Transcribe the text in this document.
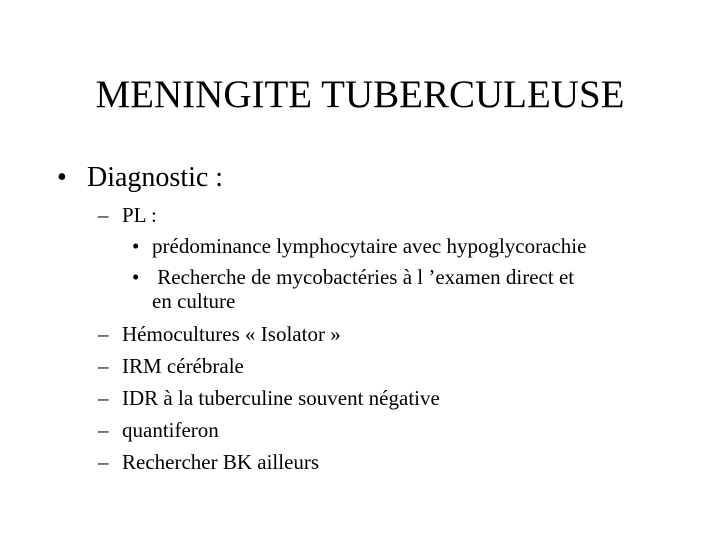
MENINGITE TUBERCULEUSE
• Diagnostic :
– PL :
• prédominance lymphocytaire avec hypoglycorachie
• Recherche de mycobactéries à l ’examen direct et
en culture
– Hémocultures « Isolator »
– IRM cérébrale
– IDR à la tuberculine souvent négative
– quantiferon
– Rechercher BK ailleurs
